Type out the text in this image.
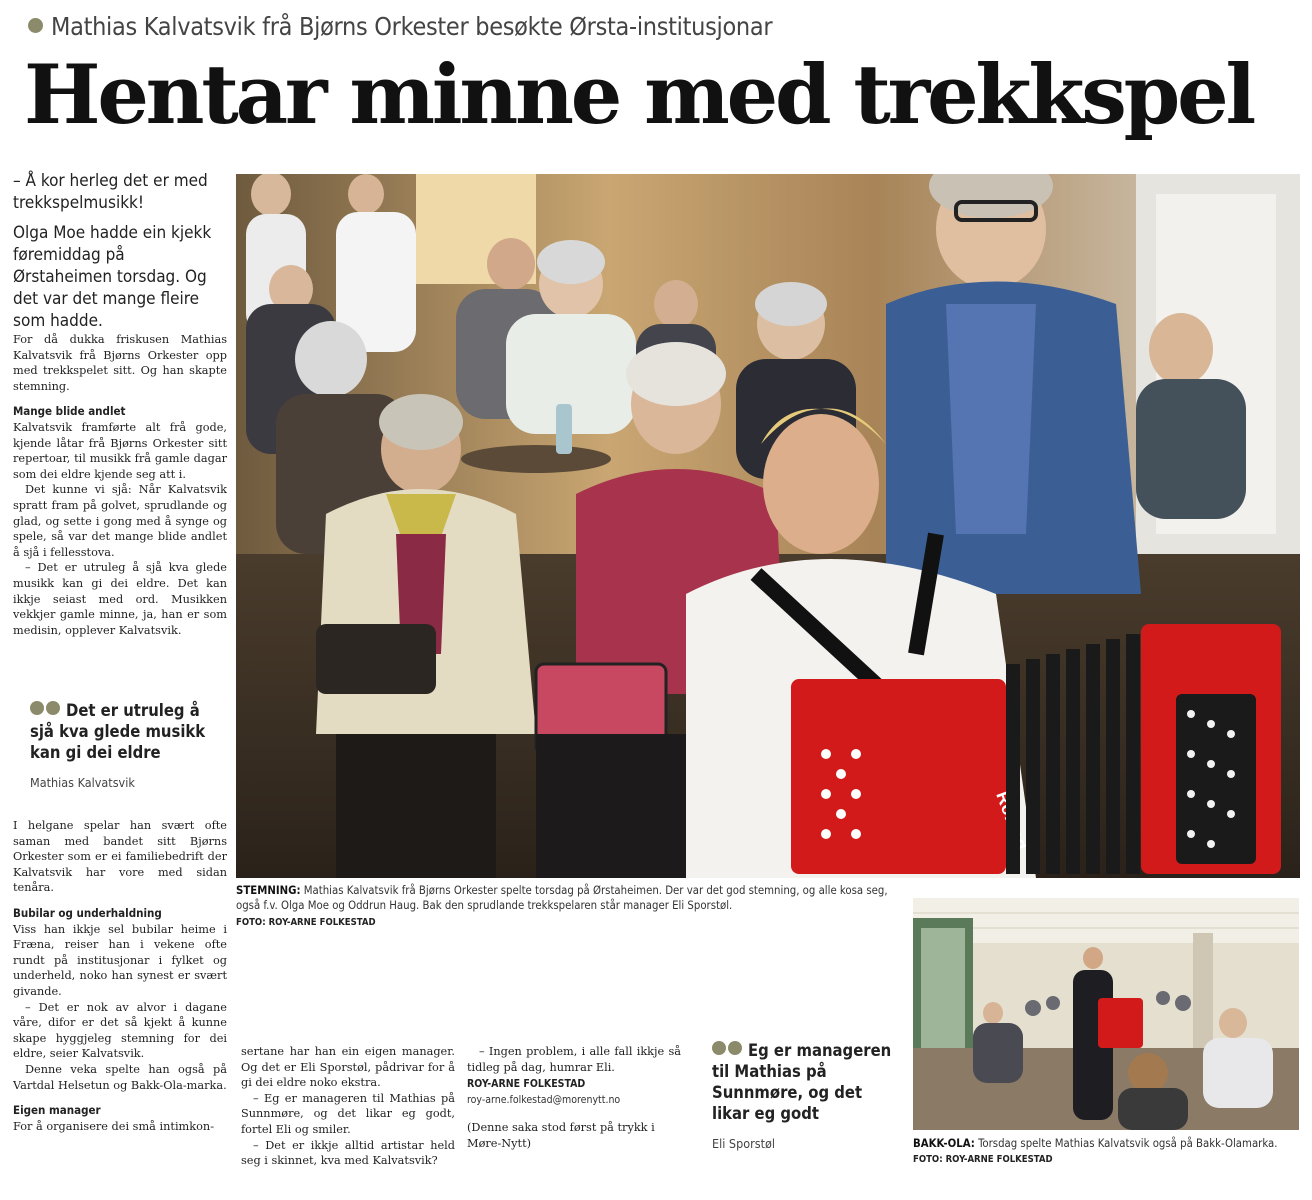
Mathias Kalvatsvik frå Bjørns Orkester besøkte Ørsta-institusjonar
Hentar minne med trekkspel

– Å kor herleg det er med trekkspelmusikk!

Olga Moe hadde ein kjekk føremiddag på Ørstaheimen torsdag. Og det var det mange fleire som hadde.

For då dukka friskusen Mathias Kalvatsvik frå Bjørns Orkester opp med trekkspelet sitt. Og han skapte stemning.

Mange blide andlet

Kalvatsvik framførte alt frå gode, kjende låtar frå Bjørns Orkester sitt repertoar, til musikk frå gamle dagar som dei eldre kjende seg att i.

Det kunne vi sjå: Når Kalvatsvik spratt fram på golvet, sprudlande og glad, og sette i gong med å synge og spele, så var det mange blide andlet å sjå i fellesstova.

– Det er utruleg å sjå kva glede musikk kan gi dei eldre. Det kan ikkje seiast med ord. Musikken vekkjer gamle minne, ja, han er som medisin, opplever Kalvatsvik.

Det er utruleg å sjå kva glede musikk kan gi dei eldre
Mathias Kalvatsvik

I helgane spelar han svært ofte saman med bandet sitt Bjørns Orkester som er ei familiebedrift der Kalvatsvik har vore med sidan tenåra.

Bubilar og underhaldning

Viss han ikkje sel bubilar heime i Fræna, reiser han i vekene ofte rundt på institusjonar i fylket og underheld, noko han synest er svært givande.

– Det er nok av alvor i dagane våre, difor er det så kjekt å kunne skape hyggjeleg stemning for dei eldre, seier Kalvatsvik.

Denne veka spelte han også på Vartdal Helsetun og Bakk-Ola-marka.

Eigen manager

For å organisere dei små intimkon-

STEMNING: Mathias Kalvatsvik frå Bjørns Orkester spelte torsdag på Ørstaheimen. Der var det god stemning, og alle kosa seg, også f.v. Olga Moe og Oddrun Haug. Bak den sprudlande trekkspelaren står manager Eli Sporstøl.
FOTO: ROY-ARNE FOLKESTAD

sertane har han ein eigen manager. Og det er Eli Sporstøl, pådrivar for å gi dei eldre noko ekstra.

– Eg er manageren til Mathias på Sunnmøre, og det likar eg godt, fortel Eli og smiler.

– Det er ikkje alltid artistar held seg i skinnet, kva med Kalvatsvik?

– Ingen problem, i alle fall ikkje så tidleg på dag, humrar Eli.

ROY-ARNE FOLKESTAD
roy-arne.folkestad@morenytt.no

(Denne saka stod først på trykk i Møre-Nytt)

Eg er manageren til Mathias på Sunnmøre, og det likar eg godt
Eli Sporstøl	BAKK-OLA: Torsdag spelte Mathias Kalvatsvik også på Bakk-Olamarka. FOTO: ROY-ARNE FOLKESTAD
